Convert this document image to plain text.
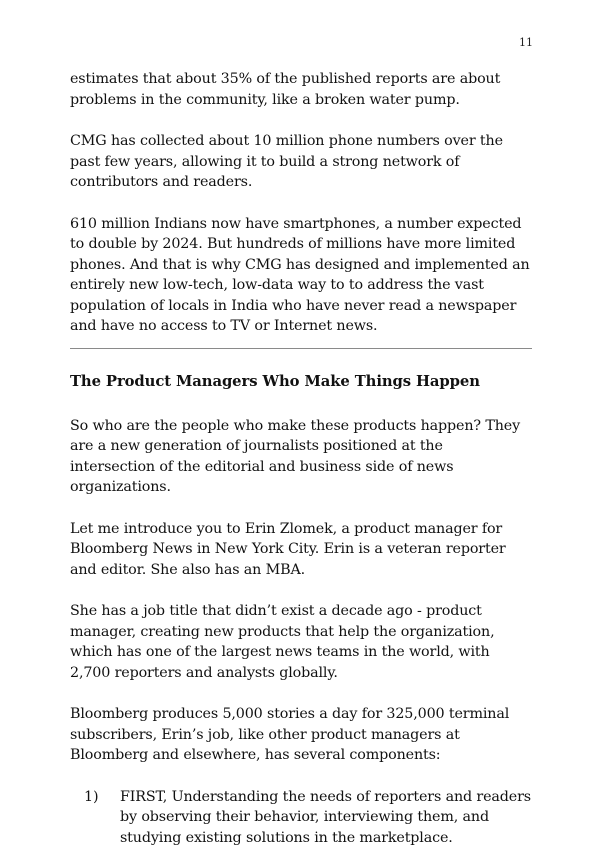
11

estimates that about 35% of the published reports are about problems in the community, like a broken water pump.

CMG has collected about 10 million phone numbers over the past few years, allowing it to build a strong network of contributors and readers.

610 million Indians now have smartphones, a number expected to double by 2024. But hundreds of millions have more limited phones. And that is why CMG has designed and implemented an entirely new low-tech, low-data way to to address the vast population of locals in India who have never read a newspaper and have no access to TV or Internet news.

The Product Managers Who Make Things Happen

So who are the people who make these products happen? They are a new generation of journalists positioned at the intersection of the editorial and business side of news organizations.

Let me introduce you to Erin Zlomek, a product manager for Bloomberg News in New York City. Erin is a veteran reporter and editor. She also has an MBA.

She has a job title that didn’t exist a decade ago - product manager, creating new products that help the organization, which has one of the largest news teams in the world, with 2,700 reporters and analysts globally.

Bloomberg produces 5,000 stories a day for 325,000 terminal subscribers, Erin’s job, like other product managers at Bloomberg and elsewhere, has several components:

1) FIRST, Understanding the needs of reporters and readers by observing their behavior, interviewing them, and studying existing solutions in the marketplace.
